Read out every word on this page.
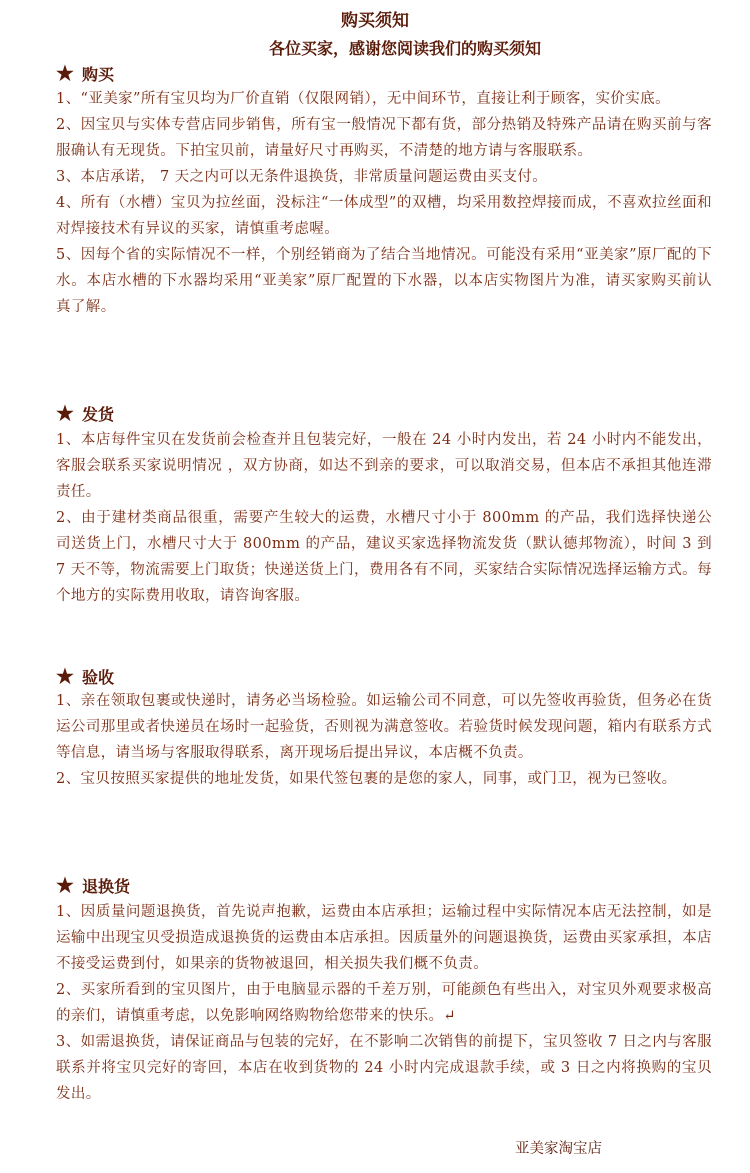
购买须知
各位买家，感谢您阅读我们的购买须知
★ 购买
1、“亚美家”所有宝贝均为厂价直销（仅限网销），无中间环节，直接让利于顾客，实价实底。
2、因宝贝与实体专营店同步销售，所有宝一般情况下都有货，部分热销及特殊产品请在购买前与客服确认有无现货。下拍宝贝前，请量好尺寸再购买，不清楚的地方请与客服联系。
3、本店承诺， 7 天之内可以无条件退换货，非常质量问题运费由买支付。
4、所有（水槽）宝贝为拉丝面，没标注“一体成型”的双槽，均采用数控焊接而成，不喜欢拉丝面和对焊接技术有异议的买家，请慎重考虑喔。
5、因每个省的实际情况不一样，个别经销商为了结合当地情况。可能没有采用“亚美家”原厂配的下水。本店水槽的下水器均采用“亚美家”原厂配置的下水器，以本店实物图片为准，请买家购买前认真了解。
★ 发货
1、本店每件宝贝在发货前会检查并且包装完好，一般在 24 小时内发出，若 24 小时内不能发出，客服会联系买家说明情况 ，双方协商，如达不到亲的要求，可以取消交易，但本店不承担其他连滞责任。
2、由于建材类商品很重，需要产生较大的运费，水槽尺寸小于 800mm 的产品，我们选择快递公司送货上门，水槽尺寸大于 800mm 的产品，建议买家选择物流发货（默认德邦物流），时间 3 到 7 天不等，物流需要上门取货；快递送货上门，费用各有不同，买家结合实际情况选择运输方式。每个地方的实际费用收取，请咨询客服。
★ 验收
1、亲在领取包裹或快递时，请务必当场检验。如运输公司不同意，可以先签收再验货，但务必在货运公司那里或者快递员在场时一起验货，否则视为满意签收。若验货时候发现问题，箱内有联系方式等信息，请当场与客服取得联系，离开现场后提出异议，本店概不负责。
2、宝贝按照买家提供的地址发货，如果代签包裹的是您的家人，同事，或门卫，视为已签收。
★ 退换货
1、因质量问题退换货，首先说声抱歉，运费由本店承担；运输过程中实际情况本店无法控制，如是运输中出现宝贝受损造成退换货的运费由本店承担。因质量外的问题退换货，运费由买家承担，本店不接受运费到付，如果亲的货物被退回，相关损失我们概不负责。
2、买家所看到的宝贝图片，由于电脑显示器的千差万别，可能颜色有些出入，对宝贝外观要求极高的亲们，请慎重考虑，以免影响网络购物给您带来的快乐。↵
3、如需退换货，请保证商品与包装的完好，在不影响二次销售的前提下，宝贝签收 7 日之内与客服联系并将宝贝完好的寄回，本店在收到货物的 24 小时内完成退款手续，或 3 日之内将换购的宝贝发出。
亚美家淘宝店
